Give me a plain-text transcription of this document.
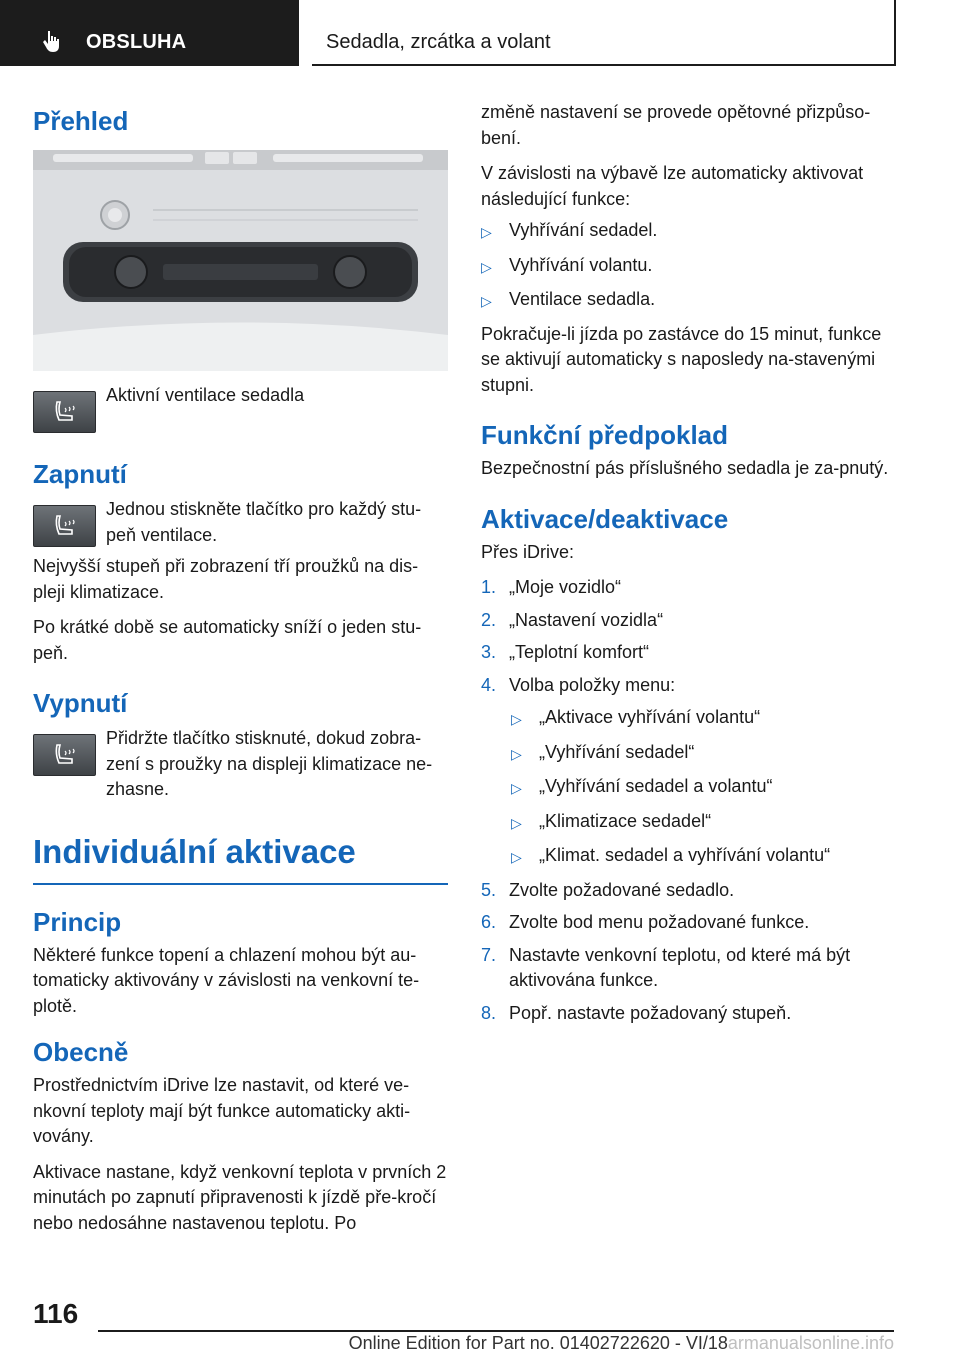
OBSLUHA	Sedadla, zrcátka a volant
Přehled
Aktivní ventilace sedadla
Zapnutí
Jednou stiskněte tlačítko pro každý stu-peň ventilace.
Nejvyšší stupeň při zobrazení tří proužků na dis-pleji klimatizace.
Po krátké době se automaticky sníží o jeden stu-peň.
Vypnutí
Přidržte tlačítko stisknuté, dokud zobra-zení s proužky na displeji klimatizace ne-zhasne.
Individuální aktivace
Princip
Některé funkce topení a chlazení mohou být au-tomaticky aktivovány v závislosti na venkovní te-plotě.
Obecně
Prostřednictvím iDrive lze nastavit, od které ve-nkovní teploty mají být funkce automaticky akti-vovány.
Aktivace nastane, když venkovní teplota v prvních 2 minutách po zapnutí připravenosti k jízdě pře-kročí nebo nedosáhne nastavenou teplotu. Po
změně nastavení se provede opětovné přizpůso-bení.
V závislosti na výbavě lze automaticky aktivovat následující funkce:
▷ Vyhřívání sedadel.
▷ Vyhřívání volantu.
▷ Ventilace sedadla.
Pokračuje-li jízda po zastávce do 15 minut, funkce se aktivují automaticky s naposledy na-stavenými stupni.
Funkční předpoklad
Bezpečnostní pás příslušného sedadla je za-pnutý.
Aktivace/deaktivace
Přes iDrive:
1. „Moje vozidlo“
2. „Nastavení vozidla“
3. „Teplotní komfort“
4. Volba položky menu:
▷ „Aktivace vyhřívání volantu“
▷ „Vyhřívání sedadel“
▷ „Vyhřívání sedadel a volantu“
▷ „Klimatizace sedadel“
▷ „Klimat. sedadel a vyhřívání volantu“
5. Zvolte požadované sedadlo.
6. Zvolte bod menu požadované funkce.
7. Nastavte venkovní teplotu, od které má být aktivována funkce.
8. Popř. nastavte požadovaný stupeň.
116
Online Edition for Part no. 01402722620 - VI/18armanualsonline.info
